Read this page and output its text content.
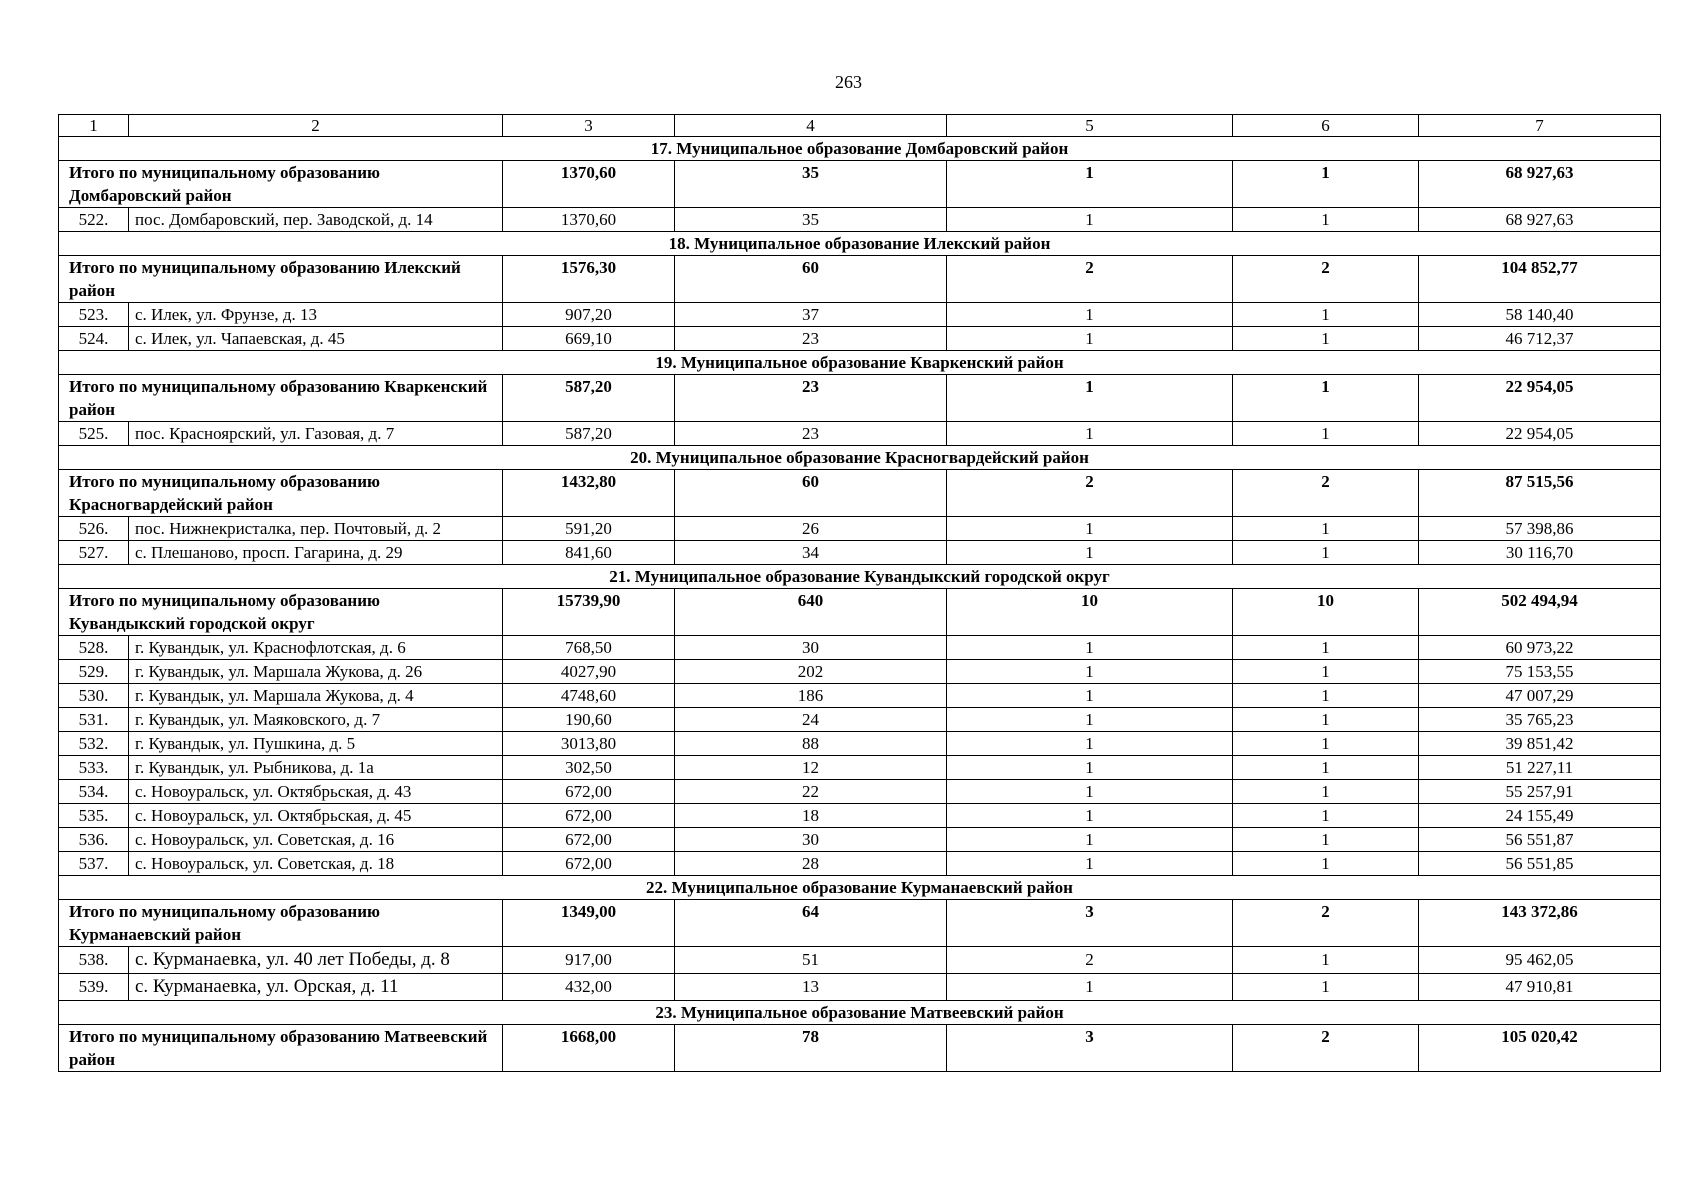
263
1	2	3	4	5	6	7
17. Муниципальное образование Домбаровский район						
Итого по муниципальному образованию Домбаровский район		1370,60	35	1	1	68 927,63
522.	пос. Домбаровский, пер. Заводской, д. 14	1370,60	35	1	1	68 927,63
18. Муниципальное образование Илекский район						
Итого по муниципальному образованию Илекский район		1576,30	60	2	2	104 852,77
523.	с. Илек, ул. Фрунзе, д. 13	907,20	37	1	1	58 140,40
524.	с. Илек, ул. Чапаевская, д. 45	669,10	23	1	1	46 712,37
19. Муниципальное образование Кваркенский район						
Итого по муниципальному образованию Кваркенский район		587,20	23	1	1	22 954,05
525.	пос. Красноярский, ул. Газовая, д. 7	587,20	23	1	1	22 954,05
20. Муниципальное образование Красногвардейский район						
Итого по муниципальному образованию Красногвардейский район		1432,80	60	2	2	87 515,56
526.	пос. Нижнекристалка, пер. Почтовый, д. 2	591,20	26	1	1	57 398,86
527.	с. Плешаново, просп. Гагарина, д. 29	841,60	34	1	1	30 116,70
21. Муниципальное образование Кувандыкский городской округ						
Итого по муниципальному образованию Кувандыкский городской округ		15739,90	640	10	10	502 494,94
528.	г. Кувандык, ул. Краснофлотская, д. 6	768,50	30	1	1	60 973,22
529.	г. Кувандык, ул. Маршала Жукова, д. 26	4027,90	202	1	1	75 153,55
530.	г. Кувандык, ул. Маршала Жукова, д. 4	4748,60	186	1	1	47 007,29
531.	г. Кувандык, ул. Маяковского, д. 7	190,60	24	1	1	35 765,23
532.	г. Кувандык, ул. Пушкина, д. 5	3013,80	88	1	1	39 851,42
533.	г. Кувандык, ул. Рыбникова, д. 1а	302,50	12	1	1	51 227,11
534.	с. Новоуральск, ул. Октябрьская, д. 43	672,00	22	1	1	55 257,91
535.	с. Новоуральск, ул. Октябрьская, д. 45	672,00	18	1	1	24 155,49
536.	с. Новоуральск, ул. Советская, д. 16	672,00	30	1	1	56 551,87
537.	с. Новоуральск, ул. Советская, д. 18	672,00	28	1	1	56 551,85
22. Муниципальное образование Курманаевский район						
Итого по муниципальному образованию Курманаевский район		1349,00	64	3	2	143 372,86
538.	с. Курманаевка, ул. 40 лет Победы, д. 8	917,00	51	2	1	95 462,05
539.	с. Курманаевка, ул. Орская, д. 11	432,00	13	1	1	47 910,81
23. Муниципальное образование Матвеевский район						
Итого по муниципальному образованию Матвеевский район		1668,00	78	3	2	105 020,42
